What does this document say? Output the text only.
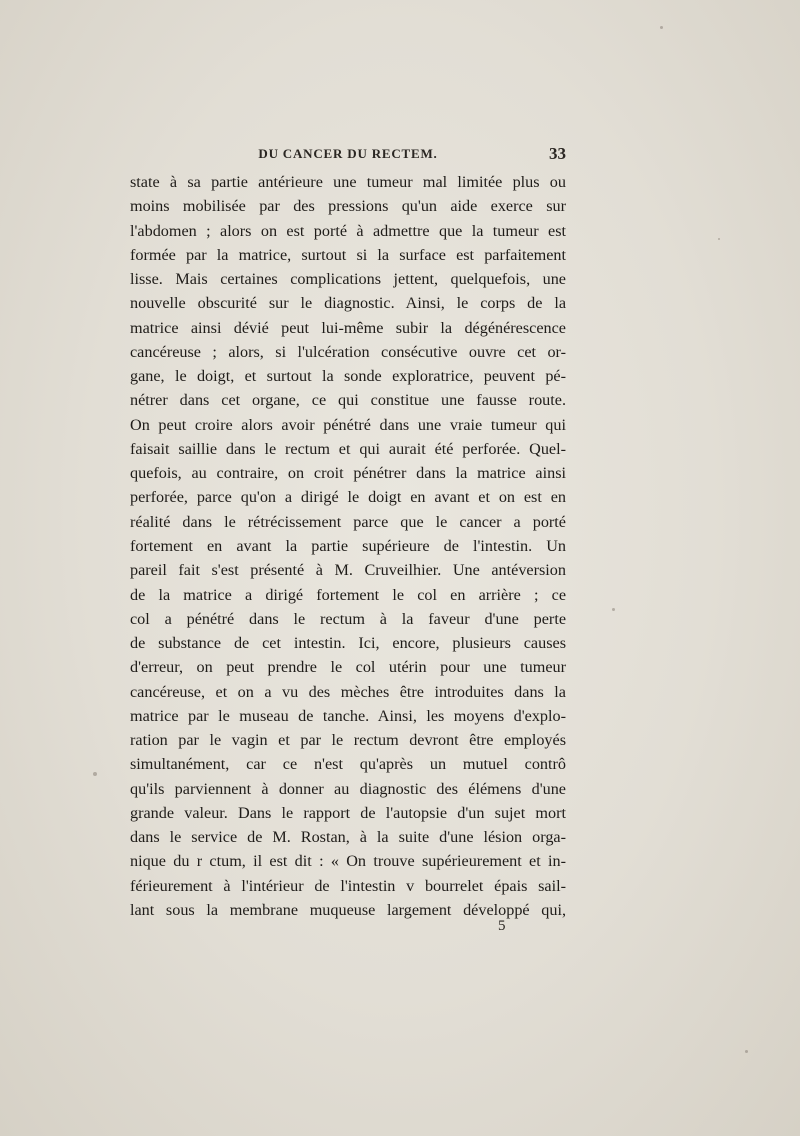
DU CANCER DU RECTEM.	33
state à sa partie antérieure une tumeur mal limitée plus ou
moins mobilisée par des pressions qu'un aide exerce sur
l'abdomen ; alors on est porté à admettre que la tumeur est
formée par la matrice, surtout si la surface est parfaitement
lisse. Mais certaines complications jettent, quelquefois, une
nouvelle obscurité sur le diagnostic. Ainsi, le corps de la
matrice ainsi dévié peut lui-même subir la dégénérescence
cancéreuse ; alors, si l'ulcération consécutive ouvre cet or-
gane, le doigt, et surtout la sonde exploratrice, peuvent pé-
nétrer dans cet organe, ce qui constitue une fausse route.
On peut croire alors avoir pénétré dans une vraie tumeur qui
faisait saillie dans le rectum et qui aurait été perforée. Quel-
quefois, au contraire, on croit pénétrer dans la matrice ainsi
perforée, parce qu'on a dirigé le doigt en avant et on est en
réalité dans le rétrécissement parce que le cancer a porté
fortement en avant la partie supérieure de l'intestin. Un
pareil fait s'est présenté à M. Cruveilhier. Une antéversion
de la matrice a dirigé fortement le col en arrière ; ce
col a pénétré dans le rectum à la faveur d'une perte
de substance de cet intestin. Ici, encore, plusieurs causes
d'erreur, on peut prendre le col utérin pour une tumeur
cancéreuse, et on a vu des mèches être introduites dans la
matrice par le museau de tanche. Ainsi, les moyens d'explo-
ration par le vagin et par le rectum devront être employés
simultanément, car ce n'est qu'après un mutuel contrô
qu'ils parviennent à donner au diagnostic des élémens d'une
grande valeur. Dans le rapport de l'autopsie d'un sujet mort
dans le service de M. Rostan, à la suite d'une lésion orga-
nique du r ctum, il est dit : « On trouve supérieurement et in-
férieurement à l'intérieur de l'intestin v bourrelet épais sail-
lant sous la membrane muqueuse largement développé qui,
5
